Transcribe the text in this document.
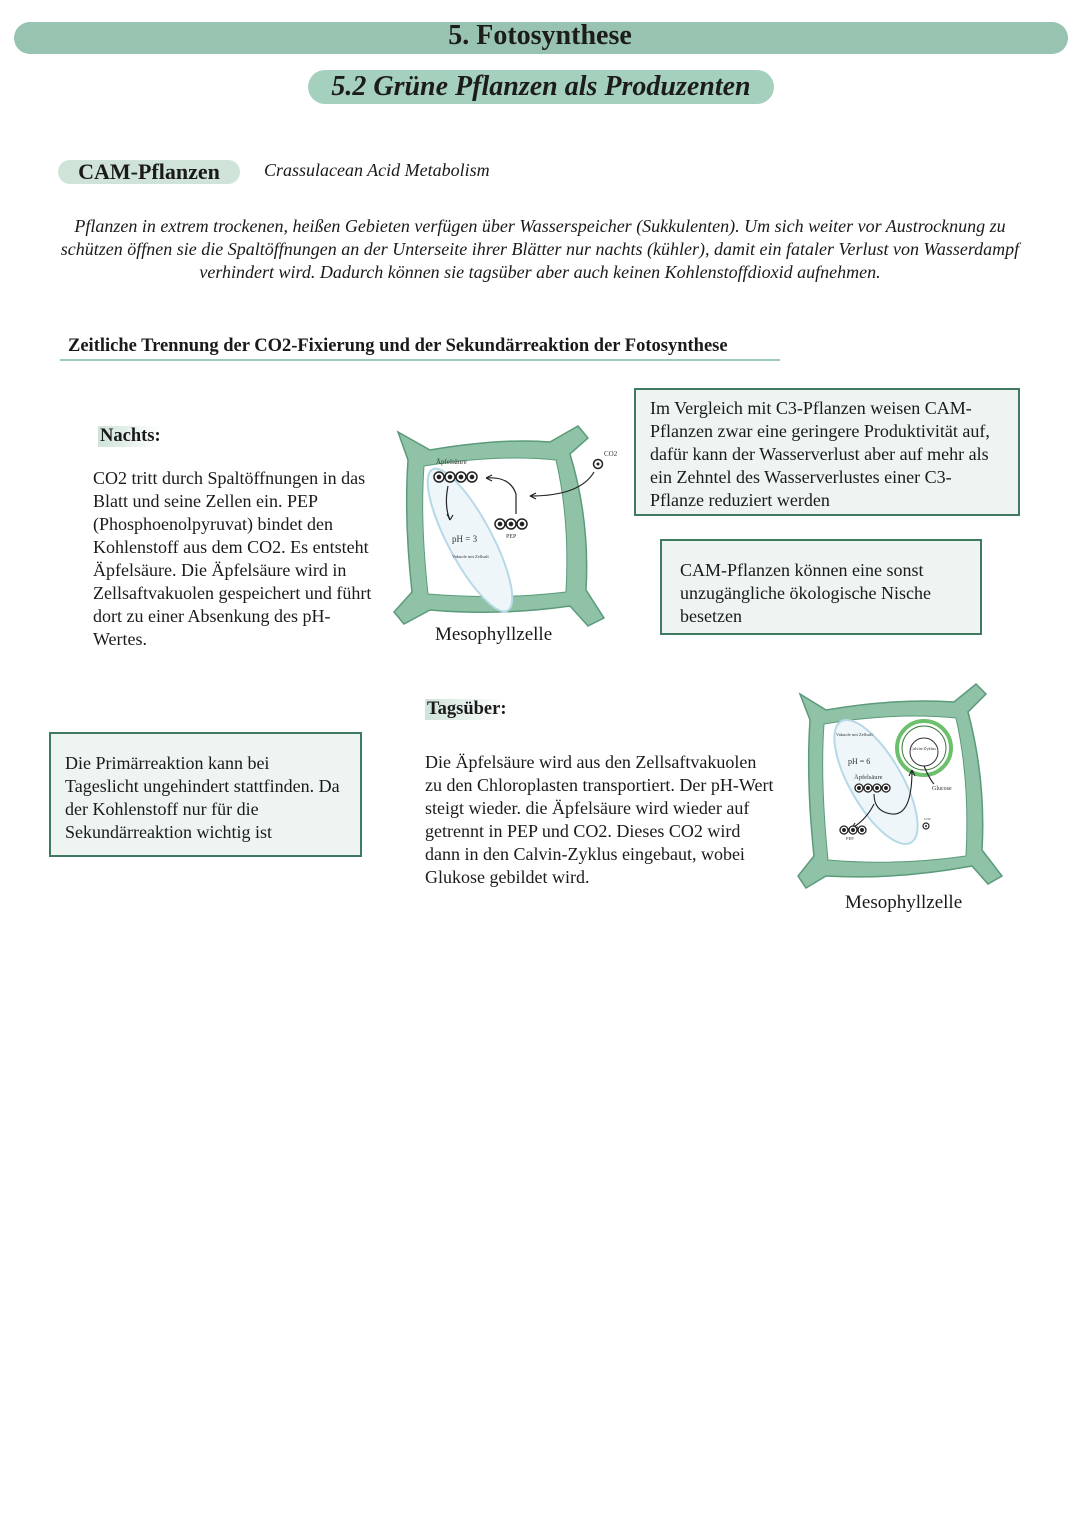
5. Fotosynthese
5.2 Grüne Pflanzen als Produzenten
CAM-Pflanzen	Crassulacean Acid Metabolism
Pflanzen in extrem trockenen, heißen Gebieten verfügen über Wasserspeicher (Sukkulenten). Um sich weiter vor Austrocknung zu schützen öffnen sie die Spaltöffnungen an der Unterseite ihrer Blätter nur nachts (kühler), damit ein fataler Verlust von Wasserdampf verhindert wird. Dadurch können sie tagsüber aber auch keinen Kohlenstoffdioxid aufnehmen.
Zeitliche Trennung der CO2-Fixierung und der Sekundärreaktion der Fotosynthese
Nachts:
CO2 tritt durch Spaltöffnungen in das Blatt und seine Zellen ein. PEP (Phosphoenolpyruvat) bindet den Kohlenstoff aus dem CO2. Es entsteht Äpfelsäure. Die Äpfelsäure wird in Zellsaftvakuolen gespeichert und führt dort zu einer Absenkung des pH-Wertes.
Äpfelsäure
CO2
PEP
pH = 3
Vakuole mit Zellsaft
Mesophyllzelle
Im Vergleich mit C3-Pflanzen weisen CAM-Pflanzen zwar eine geringere Produktivität auf, dafür kann der Wasserverlust aber auf mehr als ein Zehntel des Wasserverlustes einer C3-Pflanze reduziert werden
CAM-Pflanzen können eine sonst unzugängliche ökologische Nische besetzen
Tagsüber:
Die Äpfelsäure wird aus den Zellsaftvakuolen zu den Chloroplasten transportiert. Der pH-Wert steigt wieder. die Äpfelsäure wird wieder auf getrennt in PEP und CO2. Dieses CO2 wird dann in den Calvin-Zyklus eingebaut, wobei Glukose gebildet wird.
Die Primärreaktion kann bei Tageslicht ungehindert stattfinden. Da der Kohlenstoff nur für die Sekundärreaktion wichtig ist
Calvin-Zyklus
Glucose
Vakuole mit Zellsaft
pH = 6
Äpfelsäure
PEP
CO2
Mesophyllzelle
